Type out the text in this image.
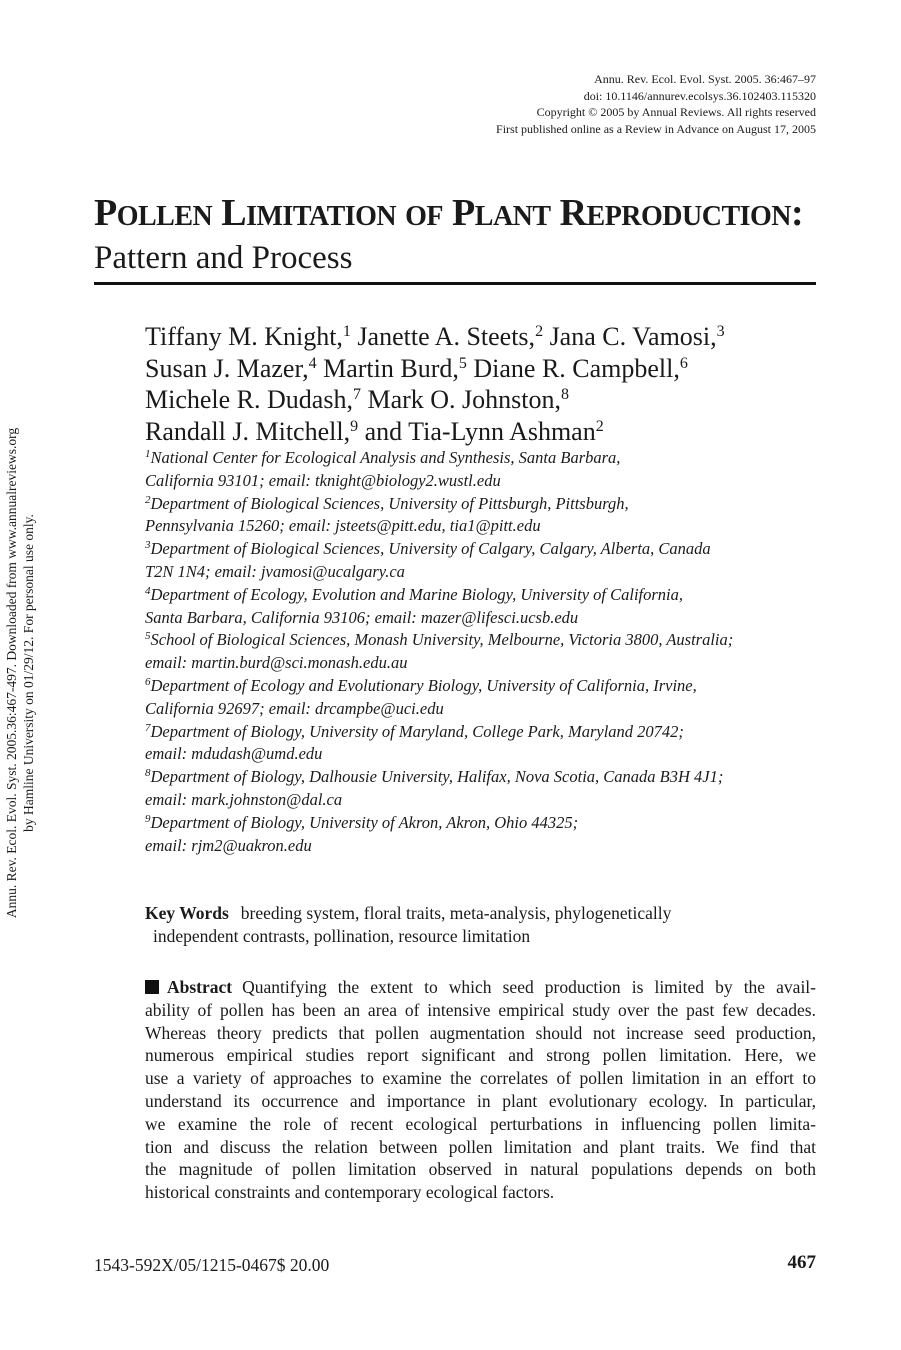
Annu. Rev. Ecol. Evol. Syst. 2005.36:467-497. Downloaded from www.annualreviews.org by Hamline University on 01/29/12. For personal use only.
Annu. Rev. Ecol. Evol. Syst. 2005. 36:467–97
doi: 10.1146/annurev.ecolsys.36.102403.115320
Copyright © 2005 by Annual Reviews. All rights reserved
First published online as a Review in Advance on August 17, 2005
POLLEN LIMITATION OF PLANT REPRODUCTION:
Pattern and Process
Tiffany M. Knight,$^1$ Janette A. Steets,$^2$ Jana C. Vamosi,$^3$
Susan J. Mazer,$^4$ Martin Burd,$^5$ Diane R. Campbell,$^6$
Michele R. Dudash,$^7$ Mark O. Johnston,$^8$
Randall J. Mitchell,$^9$ and Tia-Lynn Ashman$^2$
$^1$National Center for Ecological Analysis and Synthesis, Santa Barbara,
California 93101; email: tknight@biology2.wustl.edu
$^2$Department of Biological Sciences, University of Pittsburgh, Pittsburgh,
Pennsylvania 15260; email: jsteets@pitt.edu, tia1@pitt.edu
$^3$Department of Biological Sciences, University of Calgary, Calgary, Alberta, Canada
T2N 1N4; email: jvamosi@ucalgary.ca
$^4$Department of Ecology, Evolution and Marine Biology, University of California,
Santa Barbara, California 93106; email: mazer@lifesci.ucsb.edu
$^5$School of Biological Sciences, Monash University, Melbourne, Victoria 3800, Australia;
email: martin.burd@sci.monash.edu.au
$^6$Department of Ecology and Evolutionary Biology, University of California, Irvine,
California 92697; email: drcampbe@uci.edu
$^7$Department of Biology, University of Maryland, College Park, Maryland 20742;
email: mdudash@umd.edu
$^8$Department of Biology, Dalhousie University, Halifax, Nova Scotia, Canada B3H 4J1;
email: mark.johnston@dal.ca
$^9$Department of Biology, University of Akron, Akron, Ohio 44325;
email: rjm2@uakron.edu
Key Words breeding system, floral traits, meta-analysis, phylogenetically
independent contrasts, pollination, resource limitation
Abstract Quantifying the extent to which seed production is limited by the avail-
ability of pollen has been an area of intensive empirical study over the past few decades.
Whereas theory predicts that pollen augmentation should not increase seed production,
numerous empirical studies report significant and strong pollen limitation. Here, we
use a variety of approaches to examine the correlates of pollen limitation in an effort to
understand its occurrence and importance in plant evolutionary ecology. In particular,
we examine the role of recent ecological perturbations in influencing pollen limita-
tion and discuss the relation between pollen limitation and plant traits. We find that
the magnitude of pollen limitation observed in natural populations depends on both
historical constraints and contemporary ecological factors.
1543-592X/05/1215-0467$ 20.00	467
